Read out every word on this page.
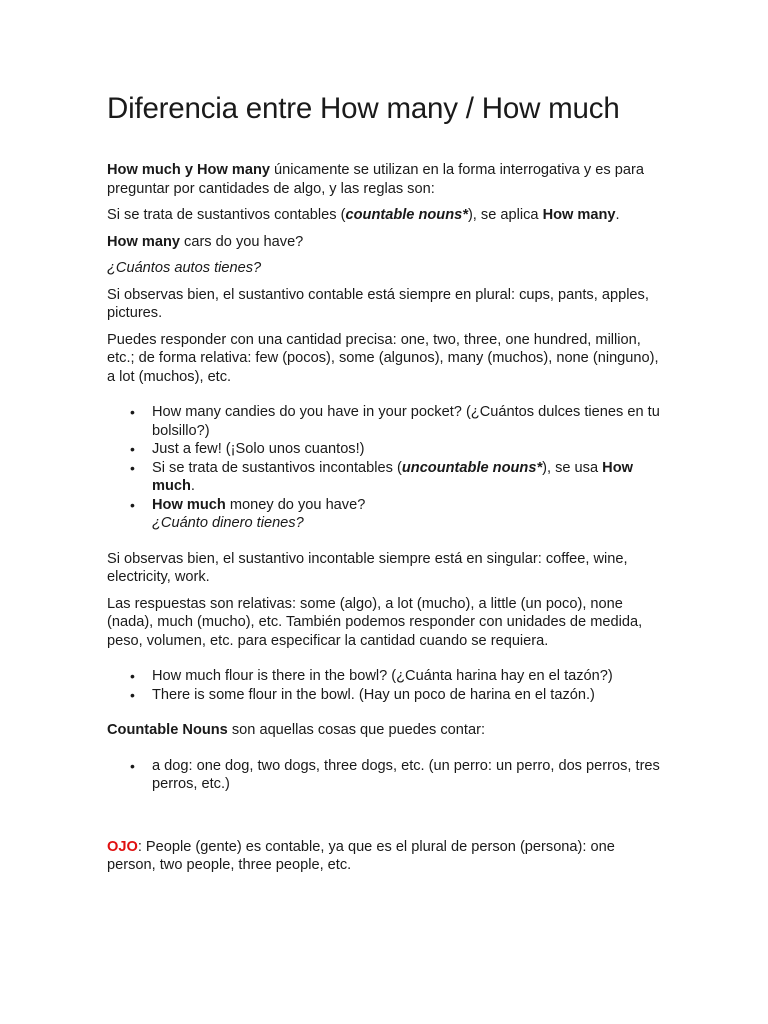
Diferencia entre How many / How much

How much y How many únicamente se utilizan en la forma interrogativa y es para preguntar por cantidades de algo, y las reglas son:

Si se trata de sustantivos contables (countable nouns*), se aplica How many.

How many cars do you have?

¿Cuántos autos tienes?

Si observas bien, el sustantivo contable está siempre en plural: cups, pants, apples, pictures.

Puedes responder con una cantidad precisa: one, two, three, one hundred, million, etc.; de forma relativa: few (pocos), some (algunos), many (muchos), none (ninguno), a lot (muchos), etc.

• How many candies do you have in your pocket? (¿Cuántos dulces tienes en tu bolsillo?)
• Just a few! (¡Solo unos cuantos!)
• Si se trata de sustantivos incontables (uncountable nouns*), se usa How much.
• How much money do you have?
¿Cuánto dinero tienes?

Si observas bien, el sustantivo incontable siempre está en singular: coffee, wine, electricity, work.

Las respuestas son relativas: some (algo), a lot (mucho), a little (un poco), none (nada), much (mucho), etc. También podemos responder con unidades de medida, peso, volumen, etc. para especificar la cantidad cuando se requiera.

• How much flour is there in the bowl? (¿Cuánta harina hay en el tazón?)
• There is some flour in the bowl. (Hay un poco de harina en el tazón.)

Countable Nouns son aquellas cosas que puedes contar:

• a dog: one dog, two dogs, three dogs, etc. (un perro: un perro, dos perros, tres perros, etc.)

OJO: People (gente) es contable, ya que es el plural de person (persona): one person, two people, three people, etc.
